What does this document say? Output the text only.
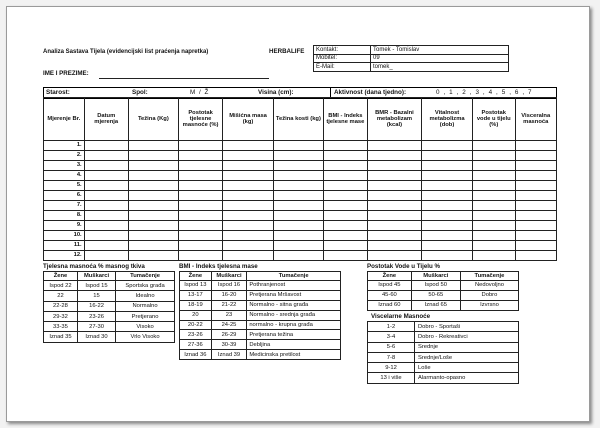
Analiza Sastava Tijela (evidencijski list praćenja napretka)	HERBALIFE
IME I PREZIME:
Kontakt:	Tomek - Tomislav
Mobitel:	09
E-Mail:	tomek_
Starost:	Spol:	M / Ž	Visina (cm):	Aktivnost (dana tjedno):	0 , 1 , 2 , 3 , 4 , 5 , 6 , 7
Mjerenje Br.	Datum mjerenja	Težina (Kg)	Postotak tjelesne masnoće (%)	Mišićna masa (kg)	Težina kosti (kg)	BMI - Indeks tjelesne mase	BMR - Bazalni metabolizam (kcal)	Vitalnost metabolizma (dob)	Postotak vode u tijelu (%)	Visceralna masnoća
1.										
2.										
3.										
4.										
5.										
6.										
7.										
8.										
9.										
10.										
11.										
12.										
Tjelesna masnoća % masnog tkiva
Žene	Muškarci	Tumačenje
Ispod 22	Ispod 15	Sportska građa
22	15	Idealno
22-28	16-22	Normalno
29-32	23-26	Pretjerano
33-35	27-30	Visoko
Iznad 35	Iznad 30	Vrlo Visoko
BMI - Indeks tjelesna mase
Žene	Muškarci	Tumačenje
Ispod 13	Ispod 16	Pothranjenost
13-17	16-20	Pretjerana Mršavost
18-19	21-22	Normalno - sitna građa
20	23	Normalno - srednja građa
20-22	24-25	normalno - krupna građa
23-26	26-29	Pretjerana težina
27-36	30-39	Debljina
Iznad 36	Iznad 39	Medicinska pretilost
Postotak Vode u Tijelu %
Žene	Muškarci	Tumačenje
Ispod 45	Ispod 50	Nedovoljno
45-60	50-65	Dobro
Iznad 60	Iznad 65	Izvrsno
Viscelarne Masnoće
1-2	Dobro - Sportaši
3-4	Dobro - Rekreativci
5-6	Srednje
7-8	Srednje/Loše
9-12	Loše
13 i više	Alarmanto-opasno
